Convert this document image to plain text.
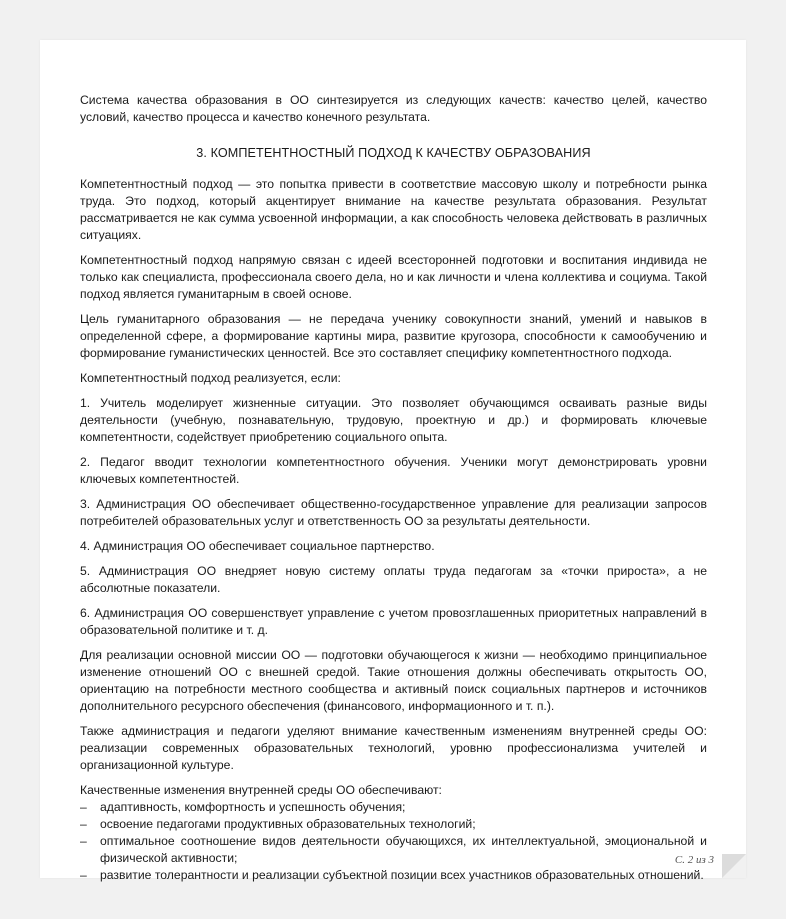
Система качества образования в ОО синтезируется из следующих качеств: качество целей, качество условий, качество процесса и качество конечного результата.

3. КОМПЕТЕНТНОСТНЫЙ ПОДХОД К КАЧЕСТВУ ОБРАЗОВАНИЯ

Компетентностный подход — это попытка привести в соответствие массовую школу и потребности рынка труда. Это подход, который акцентирует внимание на качестве результата образования. Результат рассматривается не как сумма усвоенной информации, а как способность человека действовать в различных ситуациях.

Компетентностный подход напрямую связан с идеей всесторонней подготовки и воспитания индивида не только как специалиста, профессионала своего дела, но и как личности и члена коллектива и социума. Такой подход является гуманитарным в своей основе.

Цель гуманитарного образования — не передача ученику совокупности знаний, умений и навыков в определенной сфере, а формирование картины мира, развитие кругозора, способности к самообучению и формирование гуманистических ценностей. Все это составляет специфику компетентностного подхода.

Компетентностный подход реализуется, если:

1. Учитель моделирует жизненные ситуации. Это позволяет обучающимся осваивать разные виды деятельности (учебную, познавательную, трудовую, проектную и др.) и формировать ключевые компетентности, содействует приобретению социального опыта.

2. Педагог вводит технологии компетентностного обучения. Ученики могут демонстрировать уровни ключевых компетентностей.

3. Администрация ОО обеспечивает общественно-государственное управление для реализации запросов потребителей образовательных услуг и ответственность ОО за результаты деятельности.

4. Администрация ОО обеспечивает социальное партнерство.

5. Администрация ОО внедряет новую систему оплаты труда педагогам за «точки прироста», а не абсолютные показатели.

6. Администрация ОО совершенствует управление с учетом провозглашенных приоритетных направлений в образовательной политике и т. д.

Для реализации основной миссии ОО — подготовки обучающегося к жизни — необходимо принципиальное изменение отношений ОО с внешней средой. Такие отношения должны обеспечивать открытость ОО, ориентацию на потребности местного сообщества и активный поиск социальных партнеров и источников дополнительного ресурсного обеспечения (финансового, информационного и т. п.).

Также администрация и педагоги уделяют внимание качественным изменениям внутренней среды ОО: реализации современных образовательных технологий, уровню профессионализма учителей и организационной культуре.

Качественные изменения внутренней среды ОО обеспечивают:

– адаптивность, комфортность и успешность обучения;
– освоение педагогами продуктивных образовательных технологий;
– оптимальное соотношение видов деятельности обучающихся, их интеллектуальной, эмоциональной и физической активности;
– развитие толерантности и реализации субъектной позиции всех участников образовательных отношений.
С. 2 из 3
